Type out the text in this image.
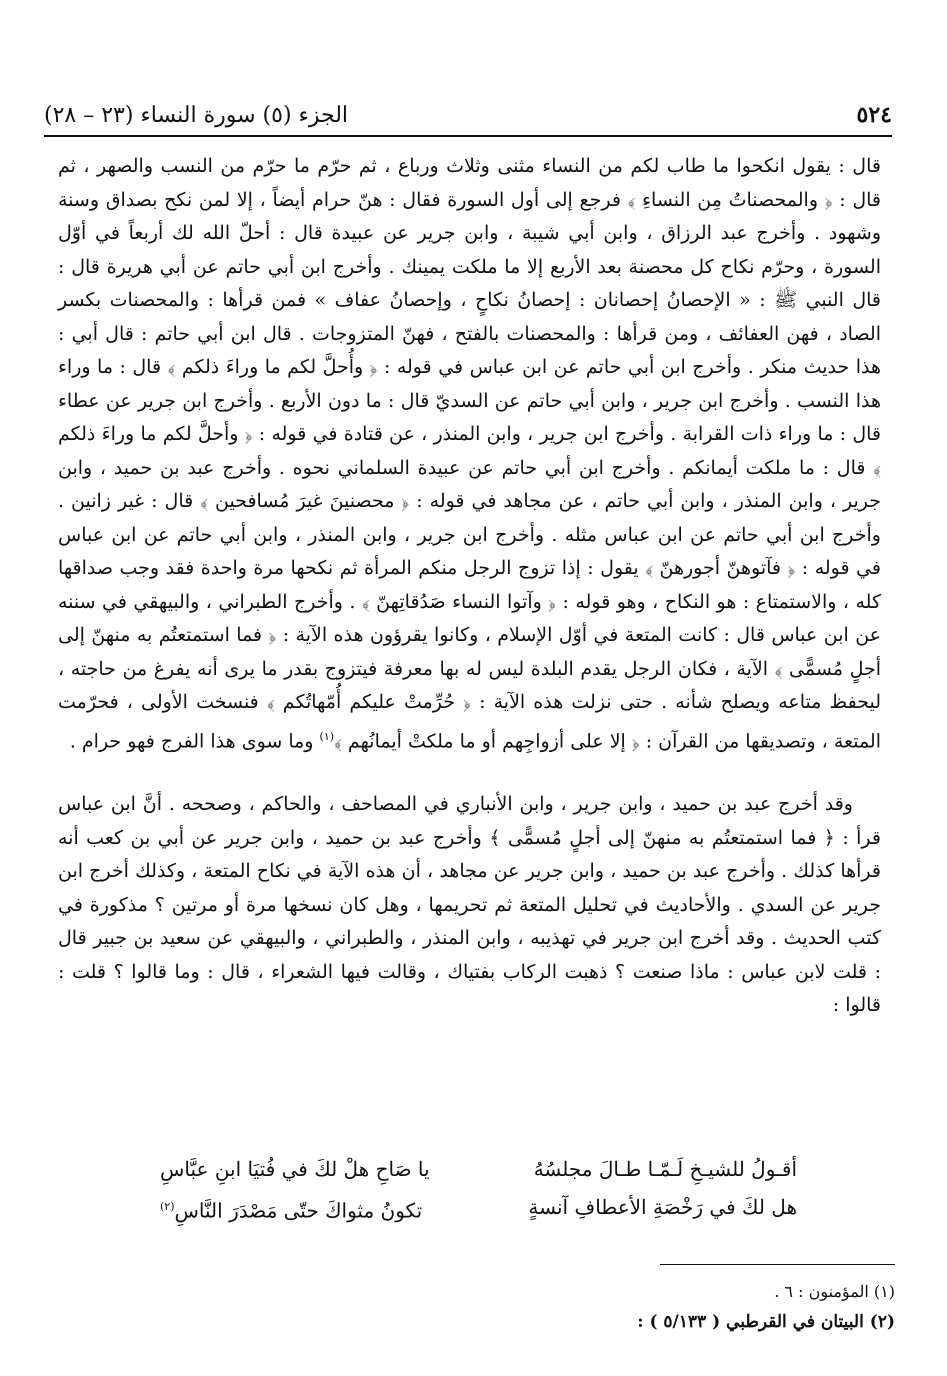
٥٢٤
الجزء (٥) سورة النساء (٢٣ – ٢٨)

قال : يقول انكحوا ما طاب لكم من النساء مثنى وثلاث ورباع ، ثم حرّم ما حرّم من النسب والصهر ، ثم قال : ﴿ والمحصناتُ مِن النساءِ ﴾ فرجع إلى أول السورة فقال : هنّ حرام أيضاً ، إلا لمن نكح بصداق وسنة وشهود . وأخرج عبد الرزاق ، وابن أبي شيبة ، وابن جرير عن عبيدة قال : أحلّ الله لك أربعاً في أوّل السورة ، وحرّم نكاح كل محصنة بعد الأربع إلا ما ملكت يمينك . وأخرج ابن أبي حاتم عن أبي هريرة قال : قال النبي ﷺ : « الإحصانُ إحصانان : إحصانُ نكاحٍ ، وإحصانُ عفاف » فمن قرأها : والمحصنات بكسر الصاد ، فهن العفائف ، ومن قرأها : والمحصنات بالفتح ، فهنّ المتزوجات . قال ابن أبي حاتم : قال أبي : هذا حديث منكر . وأخرج ابن أبي حاتم عن ابن عباس في قوله : ﴿ وأُحلَّ لكم ما وراءَ ذلكم ﴾ قال : ما وراء هذا النسب . وأخرج ابن جرير ، وابن أبي حاتم عن السديّ قال : ما دون الأربع . وأخرج ابن جرير عن عطاء قال : ما وراء ذات القرابة . وأخرج ابن جرير ، وابن المنذر ، عن قتادة في قوله : ﴿ وأحلَّ لكم ما وراءَ ذلكم ﴾ قال : ما ملكت أيمانكم . وأخرج ابن أبي حاتم عن عبيدة السلماني نحوه . وأخرج عبد بن حميد ، وابن جرير ، وابن المنذر ، وابن أبي حاتم ، عن مجاهد في قوله : ﴿ محصنينَ غيرَ مُسافحين ﴾ قال : غير زانين . وأخرج ابن أبي حاتم عن ابن عباس مثله . وأخرج ابن جرير ، وابن المنذر ، وابن أبي حاتم عن ابن عباس في قوله : ﴿ فآتوهنّ أجورهنّ ﴾ يقول : إذا تزوج الرجل منكم المرأة ثم نكحها مرة واحدة فقد وجب صداقها كله ، والاستمتاع : هو النكاح ، وهو قوله : ﴿ وآتوا النساء صَدُقاتِهنّ ﴾ . وأخرج الطبراني ، والبيهقي في سننه عن ابن عباس قال : كانت المتعة في أوّل الإسلام ، وكانوا يقرؤون هذه الآية : ﴿ فما استمتعتُم به منهنّ إلى أجلٍ مُسمًّى ﴾ الآية ، فكان الرجل يقدم البلدة ليس له بها معرفة فيتزوج بقدر ما يرى أنه يفرغ من حاجته ، ليحفظ متاعه ويصلح شأنه . حتى نزلت هذه الآية : ﴿ حُرِّمتْ عليكم أُمّهاتُكم ﴾ فنسخت الأولى ، فحرّمت المتعة ، وتصديقها من القرآن : ﴿ إلا على أزواجِهم أو ما ملكتْ أيمانُهم ﴾$^{(١)}$ وما سوى هذا الفرج فهو حرام .

وقد أخرج عبد بن حميد ، وابن جرير ، وابن الأنباري في المصاحف ، والحاكم ، وصححه . أنَّ ابن عباس قرأ : ﴿ فما استمتعتُم به منهنّ إلى أجلٍ مُسمًّى ﴾ وأخرج عبد بن حميد ، وابن جرير عن أبي بن كعب أنه قرأها كذلك . وأخرج عبد بن حميد ، وابن جرير عن مجاهد ، أن هذه الآية في نكاح المتعة ، وكذلك أخرج ابن جرير عن السدي . والأحاديث في تحليل المتعة ثم تحريمها ، وهل كان نسخها مرة أو مرتين ؟ مذكورة في كتب الحديث . وقد أخرج ابن جرير في تهذيبه ، وابن المنذر ، والطبراني ، والبيهقي عن سعيد بن جبير قال : قلت لابن عباس : ماذا صنعت ؟ ذهبت الركاب بفتياك ، وقالت فيها الشعراء ، قال : وما قالوا ؟ قلت : قالوا :

أقـولُ للشيـخِ لَـمّـا طـالَ مجلسُهُ
يا صَاحِ هلْ لكَ في فُتيَا ابنِ عبَّاسِ
هل لكَ في رَخْصَةِ الأعطافِ آنسةٍ
تكونُ مثواكَ حتّى مَصْدَرَ النَّاسِ$^{(٢)}$
(١) المؤمنون : ٦ .
(٢) البيتان في القرطبي ( ٥/١٣٣ ) :
